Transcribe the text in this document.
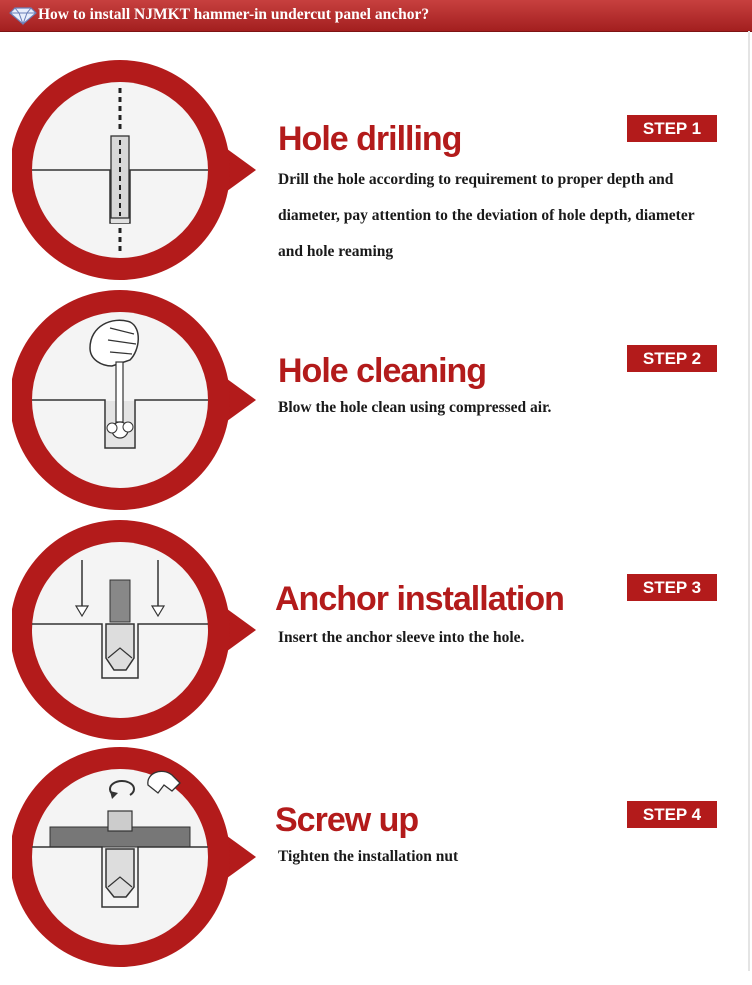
How to install NJMKT hammer-in undercut panel anchor?
Hole drilling
Drill the hole according to requirement to proper depth and diameter, pay attention to the deviation of hole depth, diameter and hole reaming
STEP 1
Hole cleaning
Blow the hole clean using compressed air.
STEP 2
Anchor installation
Insert the anchor sleeve into the hole.
STEP 3
Screw up
Tighten the installation nut
STEP 4
